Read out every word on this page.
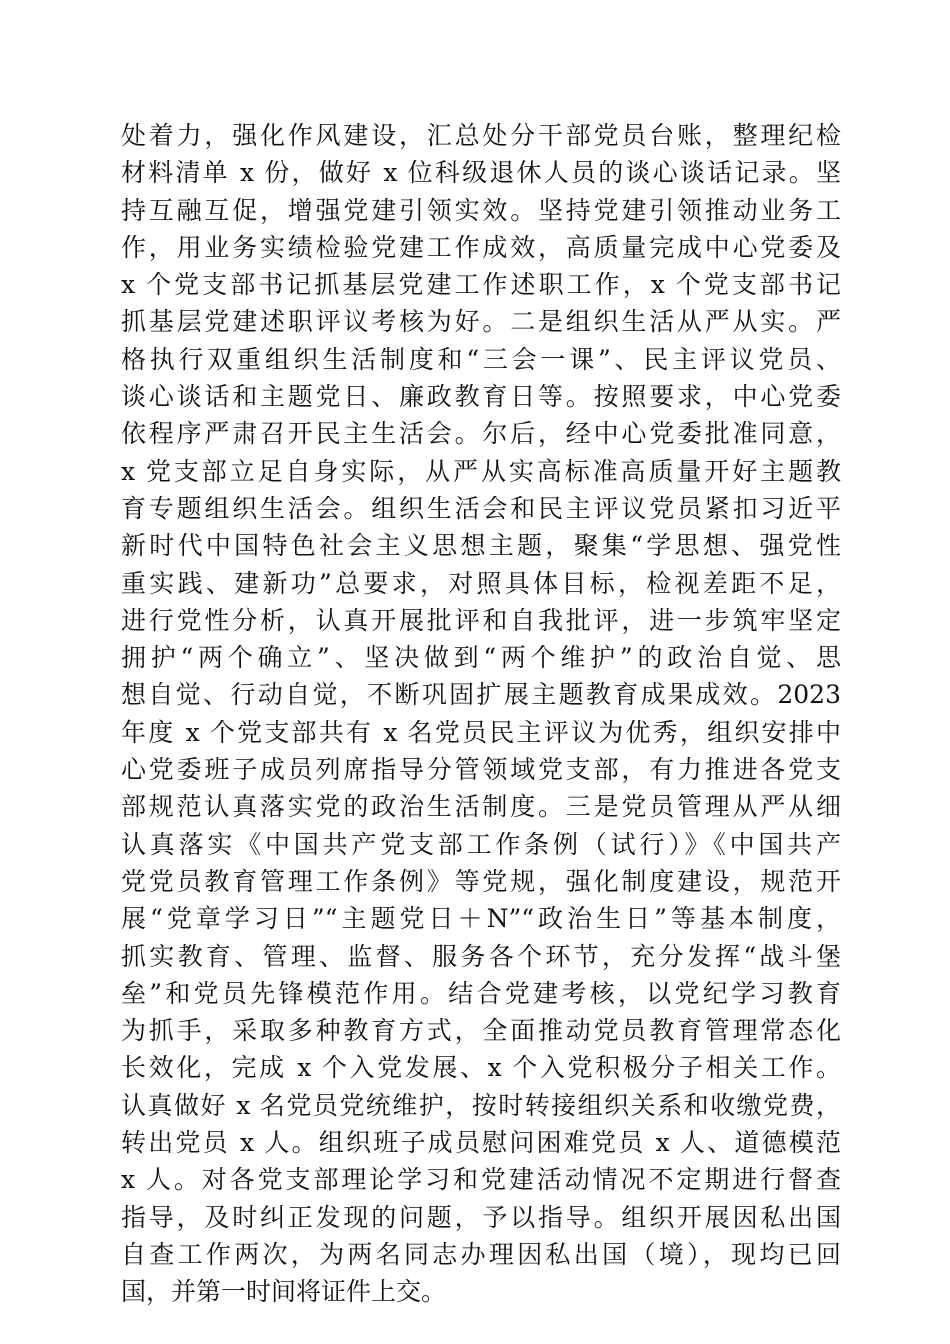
处着力，强化作风建设，汇总处分干部党员台账，整理纪检
材料清单 x 份，做好 x 位科级退休人员的谈心谈话记录。坚
持互融互促，增强党建引领实效。坚持党建引领推动业务工
作，用业务实绩检验党建工作成效，高质量完成中心党委及
x 个党支部书记抓基层党建工作述职工作，x 个党支部书记
抓基层党建述职评议考核为好。二是组织生活从严从实。严
格执行双重组织生活制度和“三会一课”、民主评议党员、
谈心谈话和主题党日、廉政教育日等。按照要求，中心党委
依程序严肃召开民主生活会。尔后，经中心党委批准同意，
x 党支部立足自身实际，从严从实高标准高质量开好主题教
育专题组织生活会。组织生活会和民主评议党员紧扣习近平
新时代中国特色社会主义思想主题，聚集“学思想、强党性
重实践、建新功”总要求，对照具体目标，检视差距不足，
进行党性分析，认真开展批评和自我批评，进一步筑牢坚定
拥护“两个确立”、坚决做到“两个维护”的政治自觉、思
想自觉、行动自觉，不断巩固扩展主题教育成果成效。2023
年度 x 个党支部共有 x 名党员民主评议为优秀，组织安排中
心党委班子成员列席指导分管领域党支部，有力推进各党支
部规范认真落实党的政治生活制度。三是党员管理从严从细
认真落实《中国共产党支部工作条例（试行）》《中国共产
党党员教育管理工作条例》等党规，强化制度建设，规范开
展“党章学习日”“主题党日＋N”“政治生日”等基本制度，
抓实教育、管理、监督、服务各个环节，充分发挥“战斗堡
垒”和党员先锋模范作用。结合党建考核，以党纪学习教育
为抓手，采取多种教育方式，全面推动党员教育管理常态化
长效化，完成 x 个入党发展、x 个入党积极分子相关工作。
认真做好 x 名党员党统维护，按时转接组织关系和收缴党费，
转出党员 x 人。组织班子成员慰问困难党员 x 人、道德模范
x 人。对各党支部理论学习和党建活动情况不定期进行督查
指导，及时纠正发现的问题，予以指导。组织开展因私出国
自查工作两次，为两名同志办理因私出国（境），现均已回
国，并第一时间将证件上交。
